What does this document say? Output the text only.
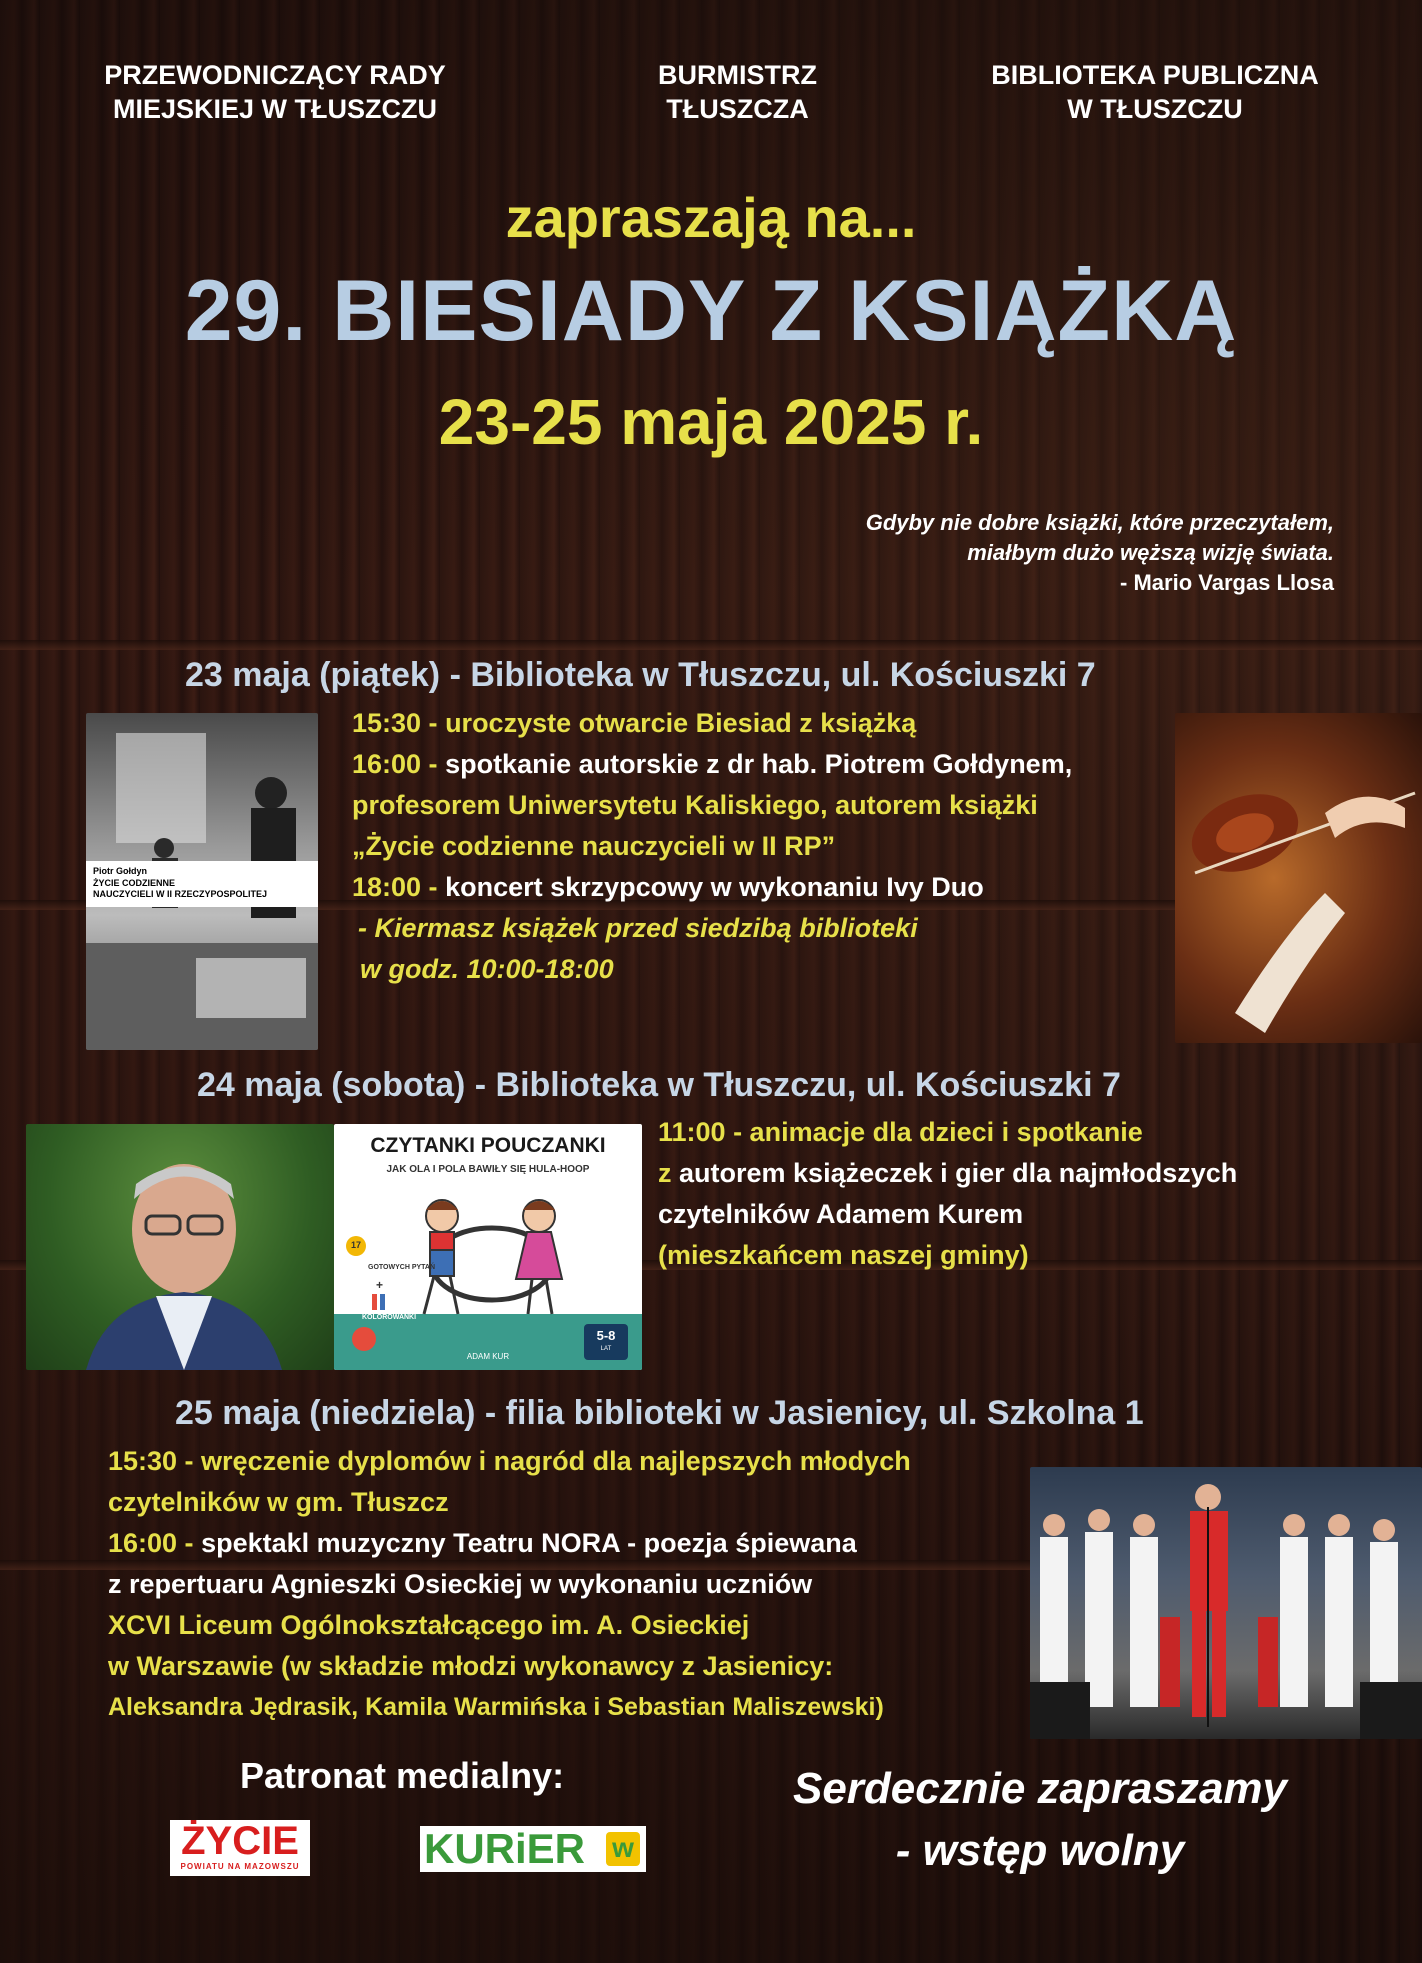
PRZEWODNICZĄCY RADY
MIEJSKIEJ W TŁUSZCZU
BURMISTRZ
TŁUSZCZA
BIBLIOTEKA PUBLICZNA
W TŁUSZCZU
zapraszają na...
29. BIESIADY Z KSIĄŻKĄ
23-25 maja 2025 r.
Gdyby nie dobre książki, które przeczytałem,
miałbym dużo węższą wizję świata.
- Mario Vargas Llosa
23 maja (piątek) - Biblioteka w Tłuszczu, ul. Kościuszki 7
Piotr Gołdyn
ŻYCIE CODZIENNE
NAUCZYCIELI W II RZECZYPOSPOLITEJ
15:30 - uroczyste otwarcie Biesiad z książką
16:00 - spotkanie autorskie z dr hab. Piotrem Gołdynem,
profesorem Uniwersytetu Kaliskiego, autorem książki
„Życie codzienne nauczycieli w II RP”
18:00 - koncert skrzypcowy w wykonaniu Ivy Duo
- Kiermasz książek przed siedzibą biblioteki
w godz. 10:00-18:00
24 maja (sobota) - Biblioteka w Tłuszczu, ul. Kościuszki 7
CZYTANKI POUCZANKI
JAK OLA I POLA BAWIŁY SIĘ HULA-HOOP
17
GOTOWYCH PYTAŃ
+
KOLOROWANKI
ADAM KUR
5-8
LAT
11:00 - animacje dla dzieci i spotkanie
z autorem książeczek i gier dla najmłodszych
czytelników Adamem Kurem
(mieszkańcem naszej gminy)
25 maja (niedziela) - filia biblioteki w Jasienicy, ul. Szkolna 1
15:30 - wręczenie dyplomów i nagród dla najlepszych młodych
czytelników w gm. Tłuszcz
16:00 - spektakl muzyczny Teatru NORA - poezja śpiewana
z repertuaru Agnieszki Osieckiej w wykonaniu uczniów
XCVI Liceum Ogólnokształcącego im. A. Osieckiej
w Warszawie (w składzie młodzi wykonawcy z Jasienicy:
Aleksandra Jędrasik, Kamila Warmińska i Sebastian Maliszewski)
Patronat medialny:
ŻYCIE
POWIATU NA MAZOWSZU	KURiER w
Serdecznie zapraszamy
- wstęp wolny
